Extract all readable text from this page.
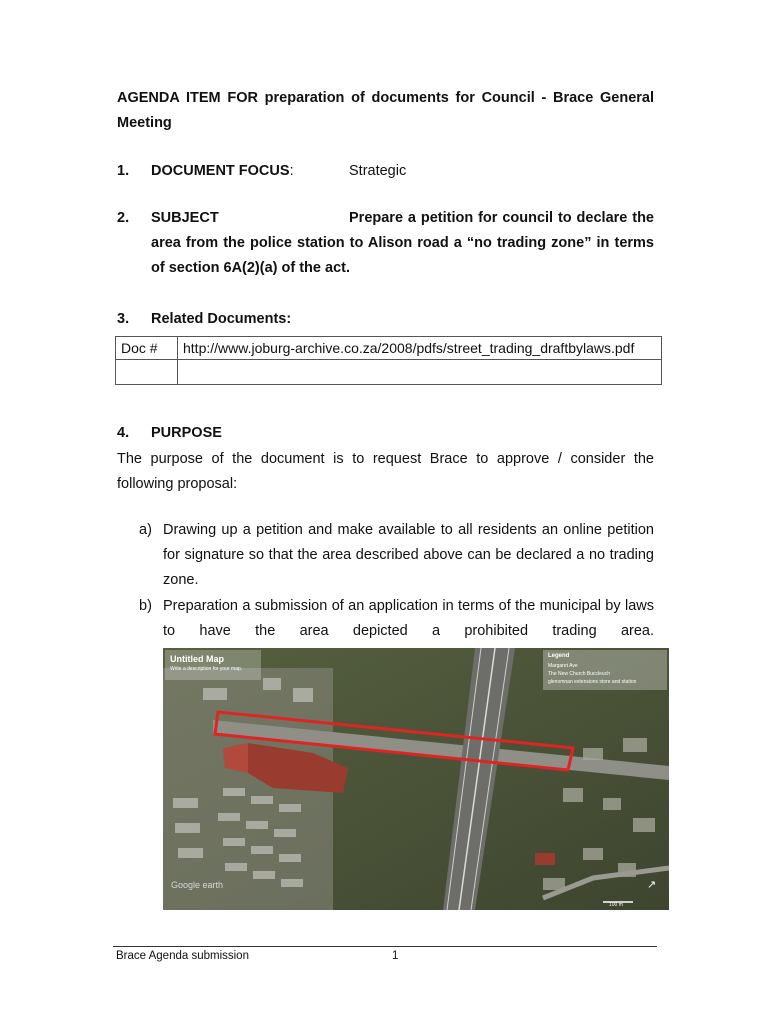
AGENDA ITEM FOR preparation of documents for Council - Brace General Meeting
1. DOCUMENT FOCUS:	Strategic
2. SUBJECT	Prepare a petition for council to declare the area from the police station to Alison road a “no trading zone” in terms of section 6A(2)(a) of the act.
3. Related Documents:
Doc #	http://www.joburg-archive.co.za/2008/pdfs/street_trading_draftbylaws.pdf

4. PURPOSE
The purpose of the document is to request Brace to approve / consider the following proposal:
a) Drawing up a petition and make available to all residents an online petition for signature so that the area described above can be declared a no trading zone.
b) Preparation a submission of an application in terms of the municipal by laws to have the area depicted a prohibited trading area.
Untitled Map
Write a description for your map.
Legend
Margaret Ave
The New Church Buccleuch
glenomnan extensions store and station
Google earth
100 m
↗
Brace Agenda submission	1
